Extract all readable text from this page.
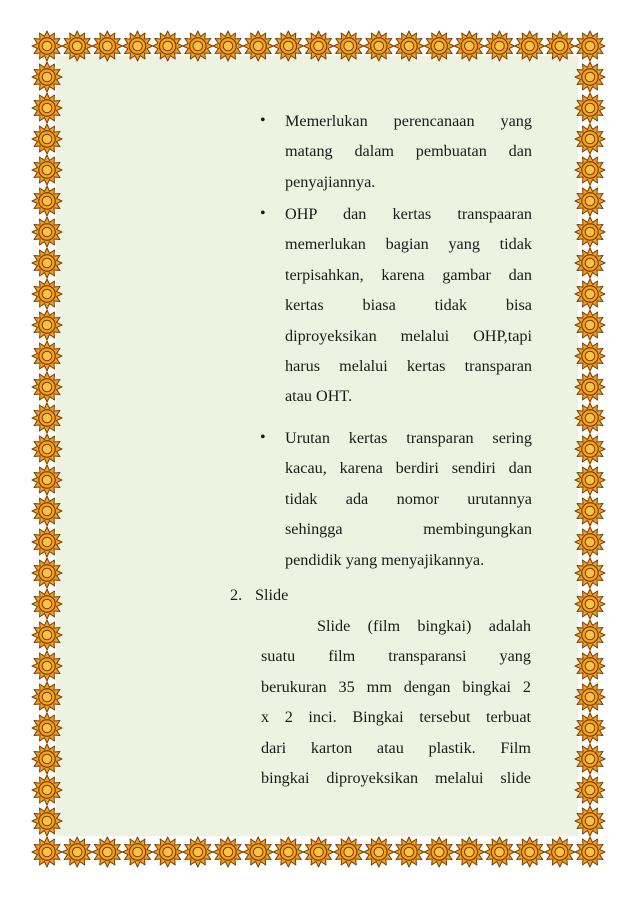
•	Memerlukan perencanaan yang
matang dalam pembuatan dan
penyajiannya.
•	OHP dan kertas transpaaran
memerlukan bagian yang tidak
terpisahkan, karena gambar dan
kertas biasa tidak bisa
diproyeksikan melalui OHP,tapi
harus melalui kertas transparan
atau OHT.
•	Urutan kertas transparan sering
kacau, karena berdiri sendiri dan
tidak ada nomor urutannya
sehingga membingungkan
pendidik yang menyajikannya.
2. Slide
Slide (film bingkai) adalah
suatu film transparansi yang
berukuran 35 mm dengan bingkai 2
x 2 inci. Bingkai tersebut terbuat
dari karton atau plastik. Film
bingkai diproyeksikan melalui slide
